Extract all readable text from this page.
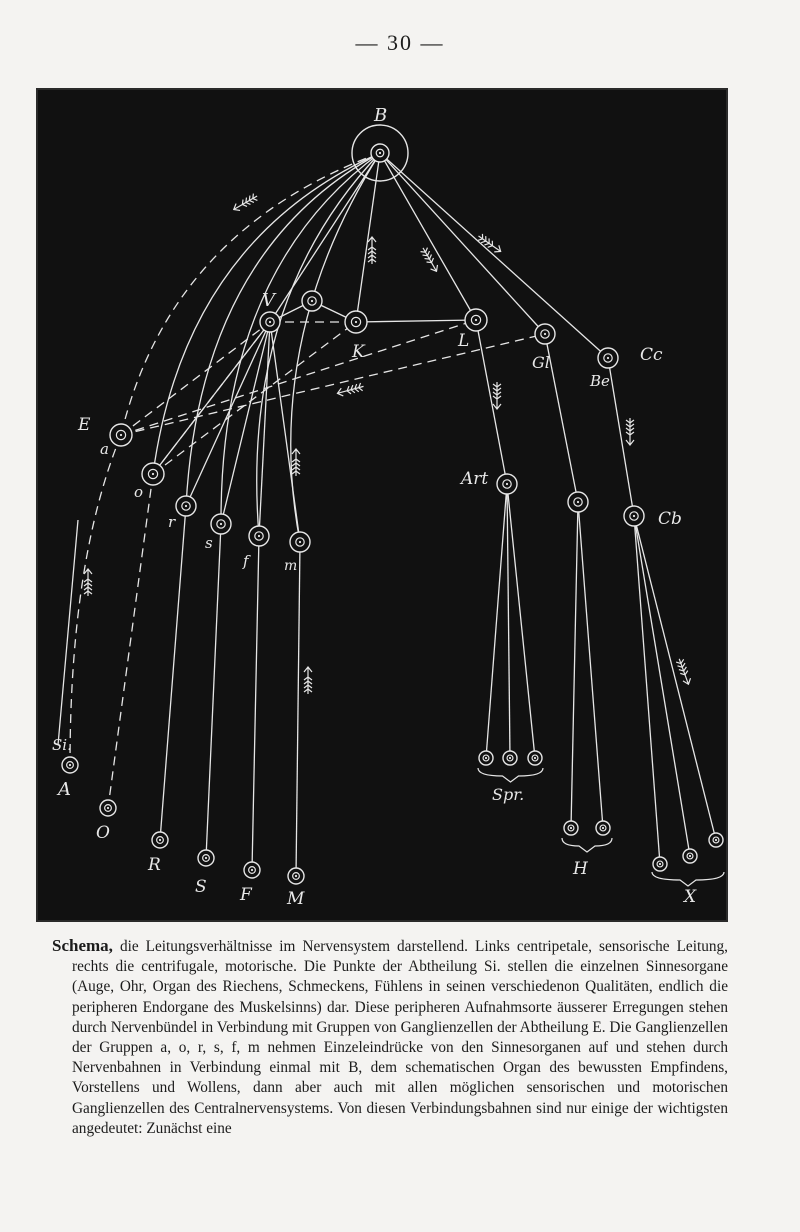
— 30 —
B
V
K
L
Gl
Be
Cc
E
a
o
r
s
f	m
Art
Cb
Si.
A
O
R
S F M
Spr.
H
X

Schema, die Leitungsverhältnisse im Nervensystem darstellend. Links centripetale, sensorische Leitung, rechts die centrifugale, motorische. Die Punkte der Abtheilung Si. stellen die einzelnen Sinnesorgane (Auge, Ohr, Organ des Riechens, Schmeckens, Fühlens in seinen verschiedenon Qualitäten, endlich die peripheren Endorgane des Muskelsinns) dar. Diese peripheren Aufnahmsorte äusserer Erregungen stehen durch Nervenbündel in Verbindung mit Gruppen von Ganglienzellen der Abtheilung E. Die Ganglienzellen der Gruppen a, o, r, s, f, m nehmen Einzeleindrücke von den Sinnesorganen auf und stehen durch Nervenbahnen in Verbindung einmal mit B, dem schematischen Organ des bewussten Empfindens, Vorstellens und Wollens, dann aber auch mit allen möglichen sensorischen und motorischen Ganglienzellen des Centralnervensystems. Von diesen Verbindungsbahnen sind nur einige der wichtigsten angedeutet: Zunächst eine
